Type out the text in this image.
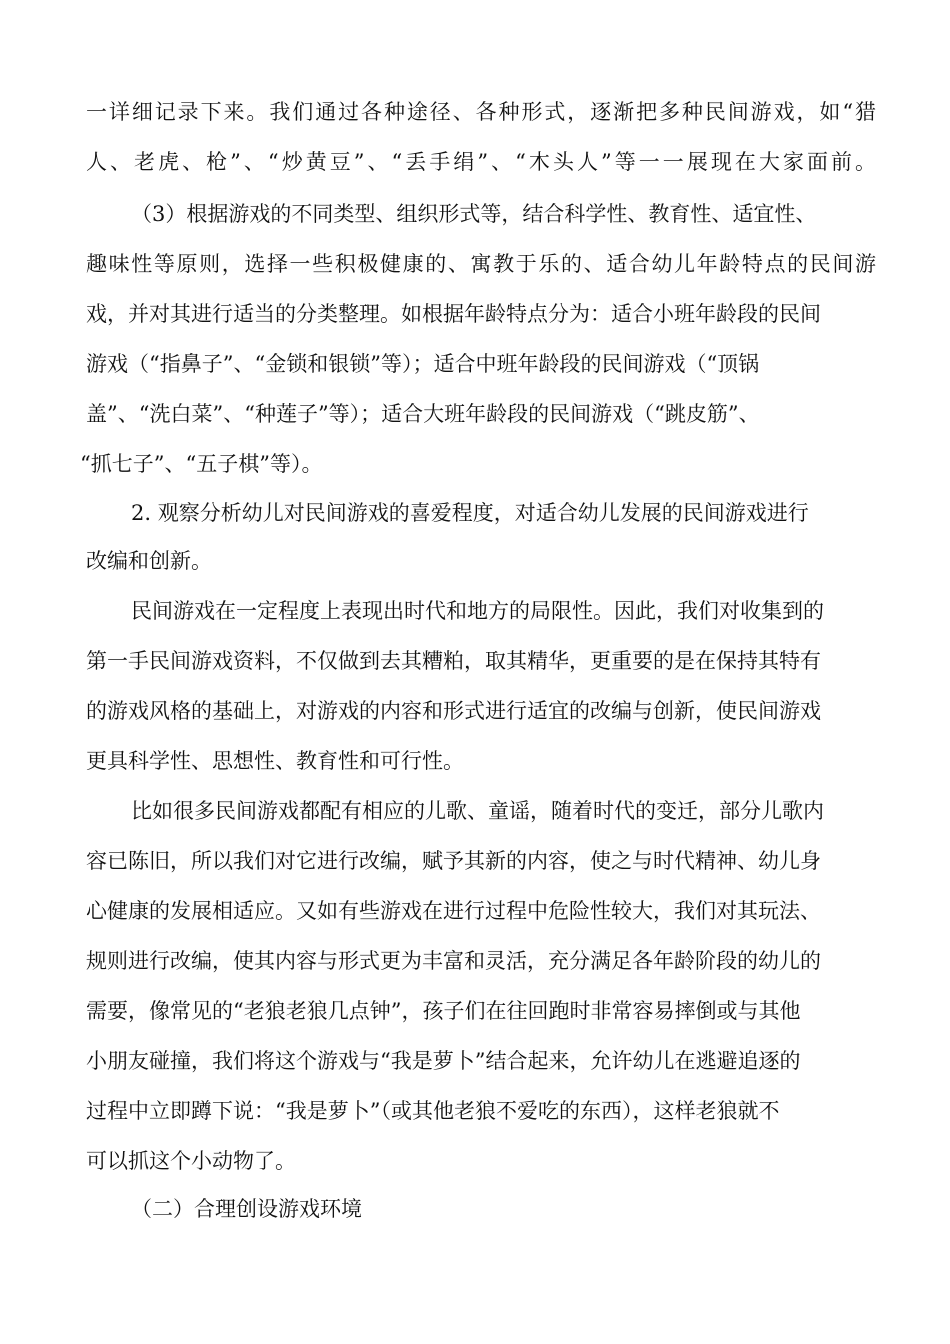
一详细记录下来。我们通过各种途径、各种形式，逐渐把多种民间游戏，如“猎
人、老虎、枪”、“炒黄豆”、“丢手绢”、“木头人”等一一展现在大家面前。
（3）根据游戏的不同类型、组织形式等，结合科学性、教育性、适宜性、
趣味性等原则，选择一些积极健康的、寓教于乐的、适合幼儿年龄特点的民间游
戏，并对其进行适当的分类整理。如根据年龄特点分为：适合小班年龄段的民间
游戏（“指鼻子”、“金锁和银锁”等）；适合中班年龄段的民间游戏（“顶锅
盖”、“洗白菜”、“种莲子”等）；适合大班年龄段的民间游戏（“跳皮筋”、
“抓七子”、“五子棋”等）。
2. 观察分析幼儿对民间游戏的喜爱程度，对适合幼儿发展的民间游戏进行
改编和创新。
民间游戏在一定程度上表现出时代和地方的局限性。因此，我们对收集到的
第一手民间游戏资料，不仅做到去其糟粕，取其精华，更重要的是在保持其特有
的游戏风格的基础上，对游戏的内容和形式进行适宜的改编与创新，使民间游戏
更具科学性、思想性、教育性和可行性。
比如很多民间游戏都配有相应的儿歌、童谣，随着时代的变迁，部分儿歌内
容已陈旧，所以我们对它进行改编，赋予其新的内容，使之与时代精神、幼儿身
心健康的发展相适应。又如有些游戏在进行过程中危险性较大，我们对其玩法、
规则进行改编，使其内容与形式更为丰富和灵活，充分满足各年龄阶段的幼儿的
需要，像常见的“老狼老狼几点钟”，孩子们在往回跑时非常容易摔倒或与其他
小朋友碰撞，我们将这个游戏与“我是萝卜”结合起来，允许幼儿在逃避追逐的
过程中立即蹲下说：“我是萝卜”（或其他老狼不爱吃的东西），这样老狼就不
可以抓这个小动物了。
（二）合理创设游戏环境
